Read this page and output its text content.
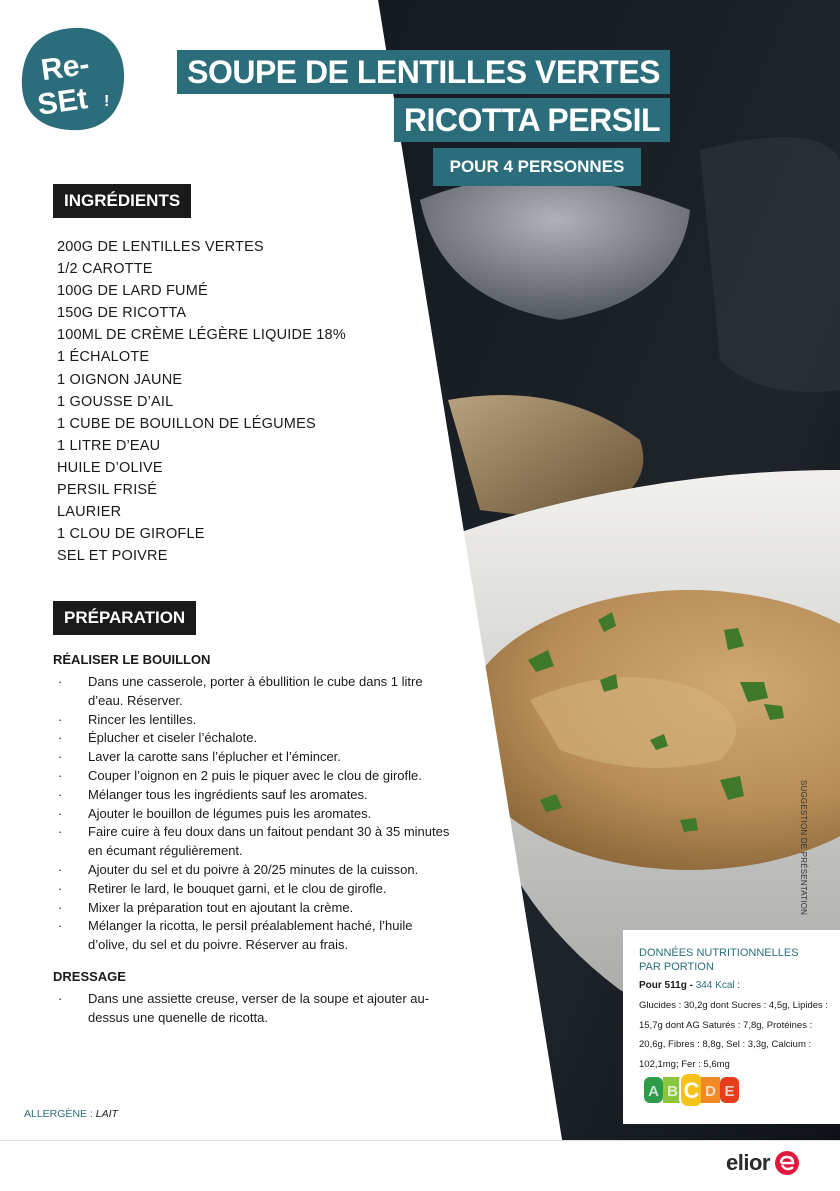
Re-
SEt !
SOUPE DE LENTILLES VERTES
RICOTTA PERSIL
POUR 4 PERSONNES
INGRÉDIENTS
200G DE LENTILLES VERTES
1/2 CAROTTE
100G DE LARD FUMÉ
150G DE RICOTTA
100ML DE CRÈME LÉGÈRE LIQUIDE 18%
1 ÉCHALOTE
1 OIGNON JAUNE
1 GOUSSE D’AIL
1 CUBE DE BOUILLON DE LÉGUMES
1 LITRE D’EAU
HUILE D’OLIVE
PERSIL FRISÉ
LAURIER
1 CLOU DE GIROFLE
SEL ET POIVRE
PRÉPARATION
RÉALISER LE BOUILLON
· Dans une casserole, porter à ébullition le cube dans 1 litre d’eau. Réserver.
· Rincer les lentilles.
· Éplucher et ciseler l’échalote.
· Laver la carotte sans l’éplucher et l’émincer.
· Couper l’oignon en 2 puis le piquer avec le clou de girofle.
· Mélanger tous les ingrédients sauf les aromates.
· Ajouter le bouillon de légumes puis les aromates.
· Faire cuire à feu doux dans un faitout pendant 30 à 35 minutes en écumant régulièrement.
· Ajouter du sel et du poivre à 20/25 minutes de la cuisson.
· Retirer le lard, le bouquet garni, et le clou de girofle.
· Mixer la préparation tout en ajoutant la crème.
· Mélanger la ricotta, le persil préalablement haché, l’huile d’olive, du sel et du poivre. Réserver au frais.
DRESSAGE
· Dans une assiette creuse, verser de la soupe et ajouter au-dessus une quenelle de ricotta.
ALLERGÈNE : LAIT
SUGGESTION DE PRÉSENTATION
DONNÉES NUTRITIONNELLES
PAR PORTION
Pour 511g - 344 Kcal :
Glucides : 30,2g dont Sucres : 4,5g, Lipides : 15,7g dont AG Saturés : 7,8g, Protéines : 20,6g, Fibres : 8,8g, Sel : 3,3g, Calcium : 102,1mg; Fer : 5,6mg
A B C D E
elior
